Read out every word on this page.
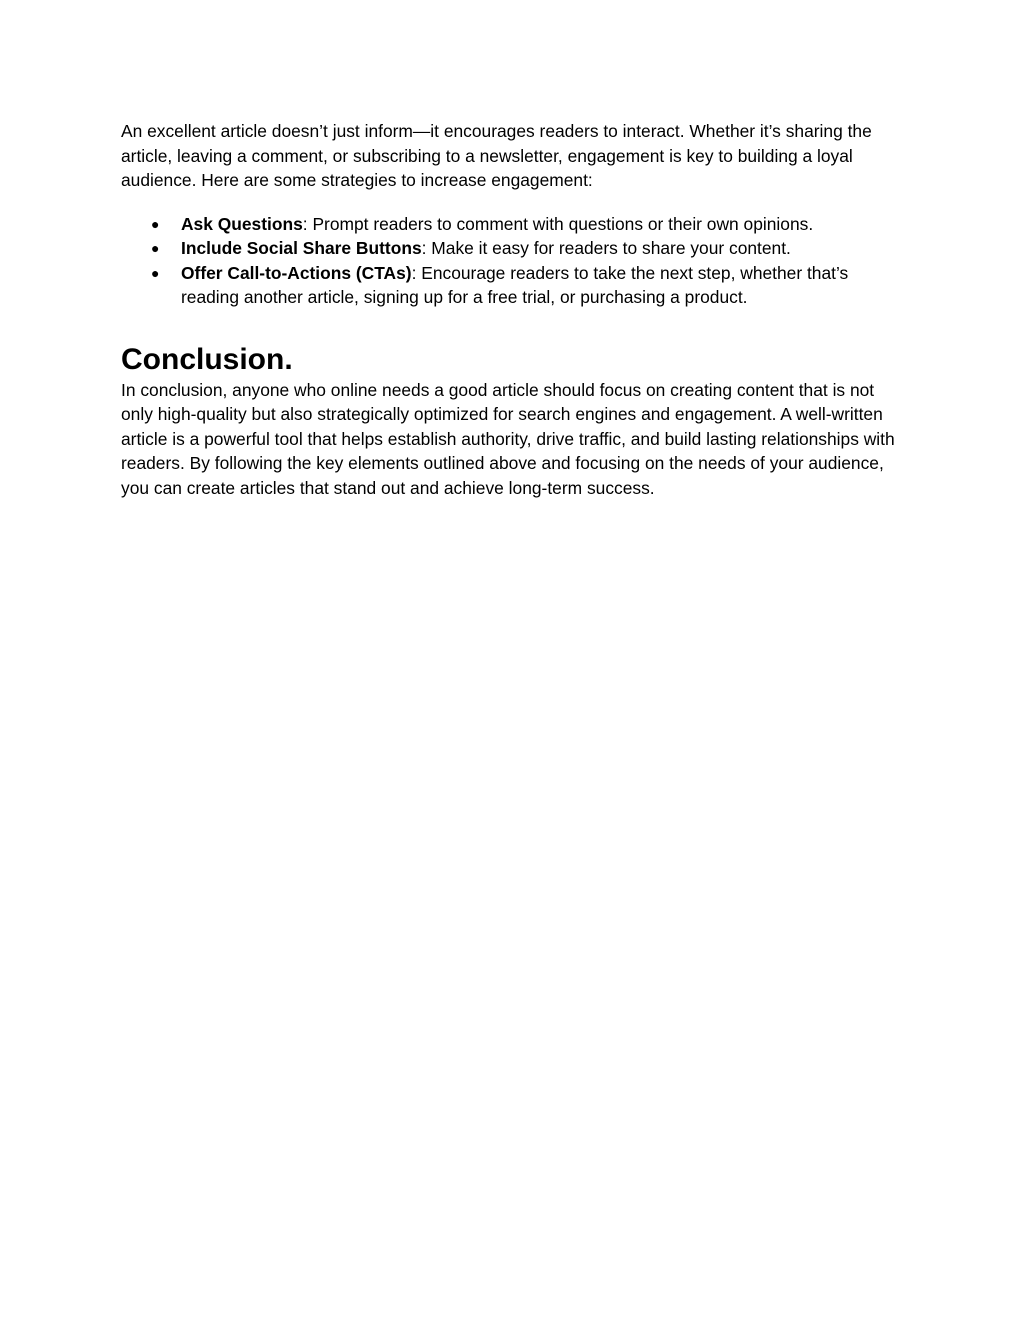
An excellent article doesn’t just inform—it encourages readers to interact. Whether it’s sharing the article, leaving a comment, or subscribing to a newsletter, engagement is key to building a loyal audience. Here are some strategies to increase engagement:

● Ask Questions: Prompt readers to comment with questions or their own opinions.
● Include Social Share Buttons: Make it easy for readers to share your content.
● Offer Call-to-Actions (CTAs): Encourage readers to take the next step, whether that’s reading another article, signing up for a free trial, or purchasing a product.
Conclusion.

In conclusion, anyone who online needs a good article should focus on creating content that is not only high-quality but also strategically optimized for search engines and engagement. A well-written article is a powerful tool that helps establish authority, drive traffic, and build lasting relationships with readers. By following the key elements outlined above and focusing on the needs of your audience, you can create articles that stand out and achieve long-term success.
